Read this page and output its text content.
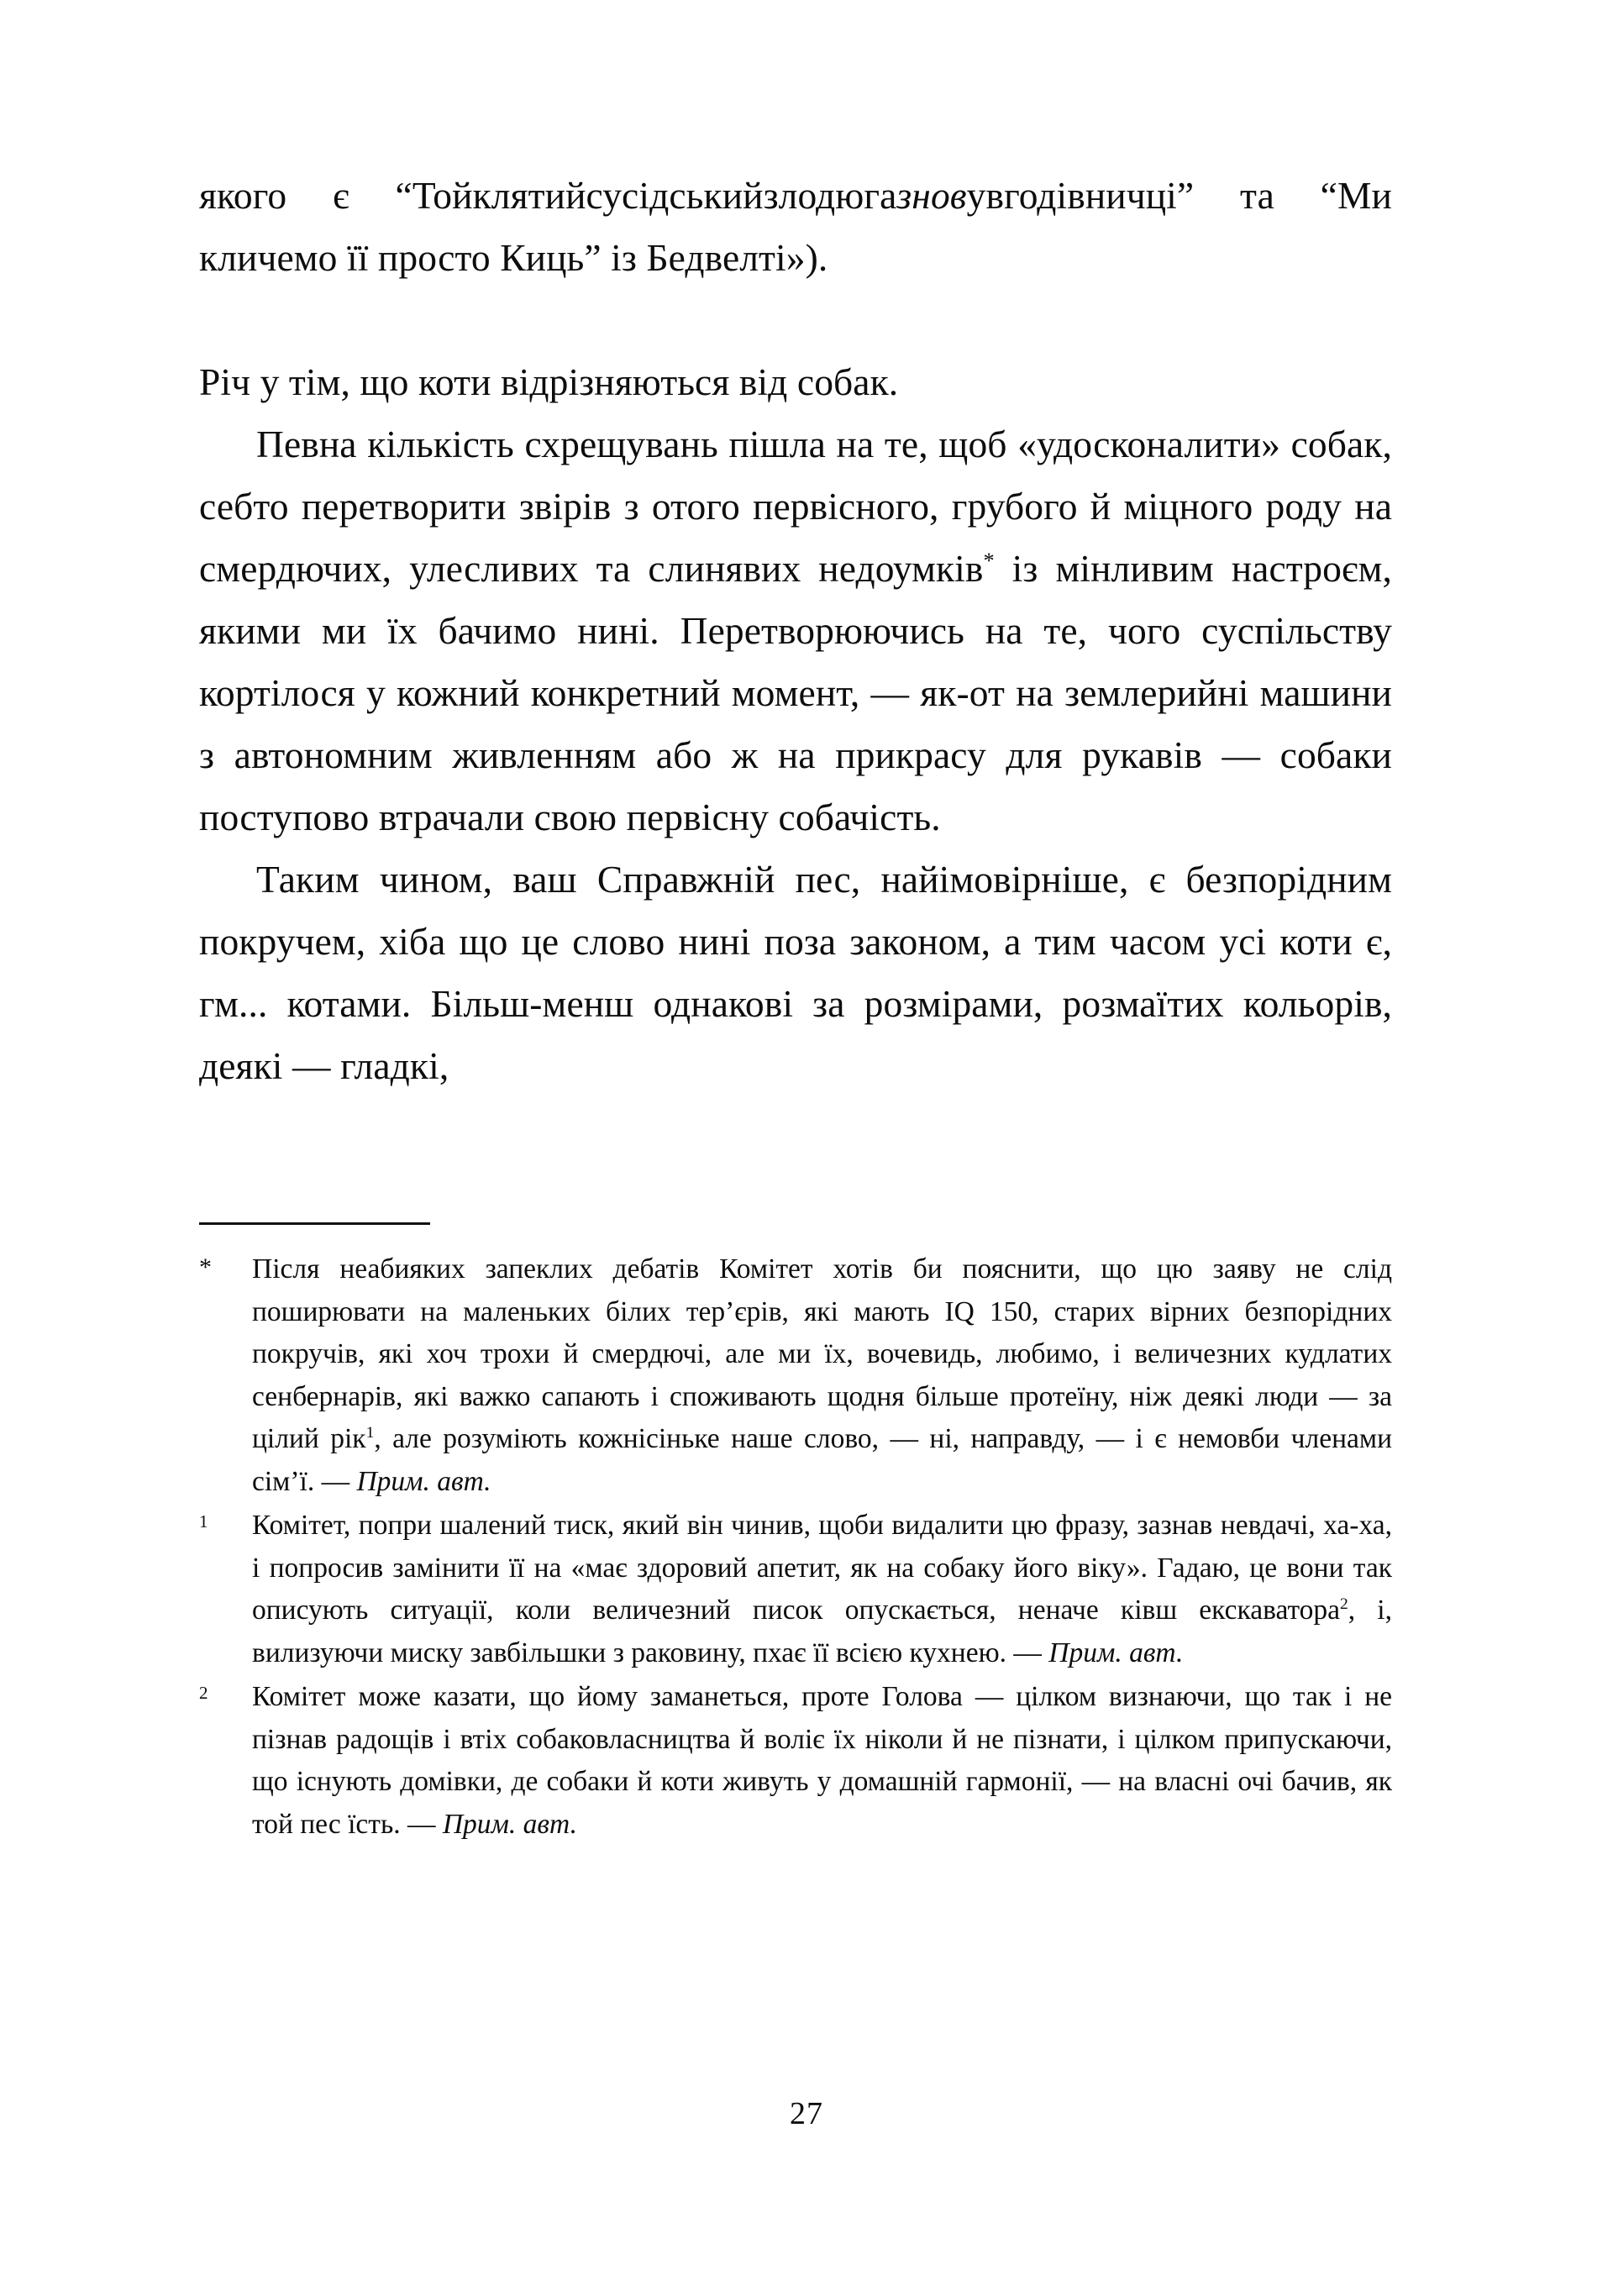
якого є “Тойклятийсусідськийзлодюгазновувгодівничці” та “Ми кличемо її просто Киць” із Бедвелті»).

Річ у тім, що коти відрізняються від собак.

Певна кількість схрещувань пішла на те, щоб «удосконалити» собак, себто перетворити звірів з отого первісного, грубого й міцного роду на смердючих, улесливих та слинявих недоумків* із мінливим настроєм, якими ми їх бачимо нині. Перетворюючись на те, чого суспільству кортілося у кожний конкретний момент, — як-от на землерийні машини з автономним живленням або ж на прикрасу для рукавів — собаки поступово втрачали свою первісну собачість.

Таким чином, ваш Справжній пес, найімовірніше, є безпорідним покручем, хіба що це слово нині поза законом, а тим часом усі коти є, гм... котами. Більш-менш однакові за розмірами, розмаїтих кольорів, деякі — гладкі,

*	Після неабияких запеклих дебатів Комітет хотів би пояснити, що цю заяву не слід поширювати на маленьких білих тер’єрів, які мають IQ 150, старих вірних безпорідних покручів, які хоч трохи й смердючі, але ми їх, вочевидь, любимо, і величезних кудлатих сенбернарів, які важко сапають і споживають щодня більше протеїну, ніж деякі люди — за цілий рік$^1$, але розуміють кожнісіньке наше слово, — ні, направду, — і є немовби членами сім’ї. — Прим. авт.
1	Комітет, попри шалений тиск, який він чинив, щоби видалити цю фразу, зазнав невдачі, ха-ха, і попросив замінити її на «має здоровий апетит, як на собаку його віку». Гадаю, це вони так описують ситуації, коли величезний писок опускається, неначе ківш екскаватора$^2$, і, вилизуючи миску завбільшки з раковину, пхає її всією кухнею. — Прим. авт.
2	Комітет може казати, що йому заманеться, проте Голова — цілком визнаючи, що так і не пізнав радощів і втіх собаковласництва й воліє їх ніколи й не пізнати, і цілком припускаючи, що існують домівки, де собаки й коти живуть у домашній гармонії, — на власні очі бачив, як той пес їсть. — Прим. авт.
27
